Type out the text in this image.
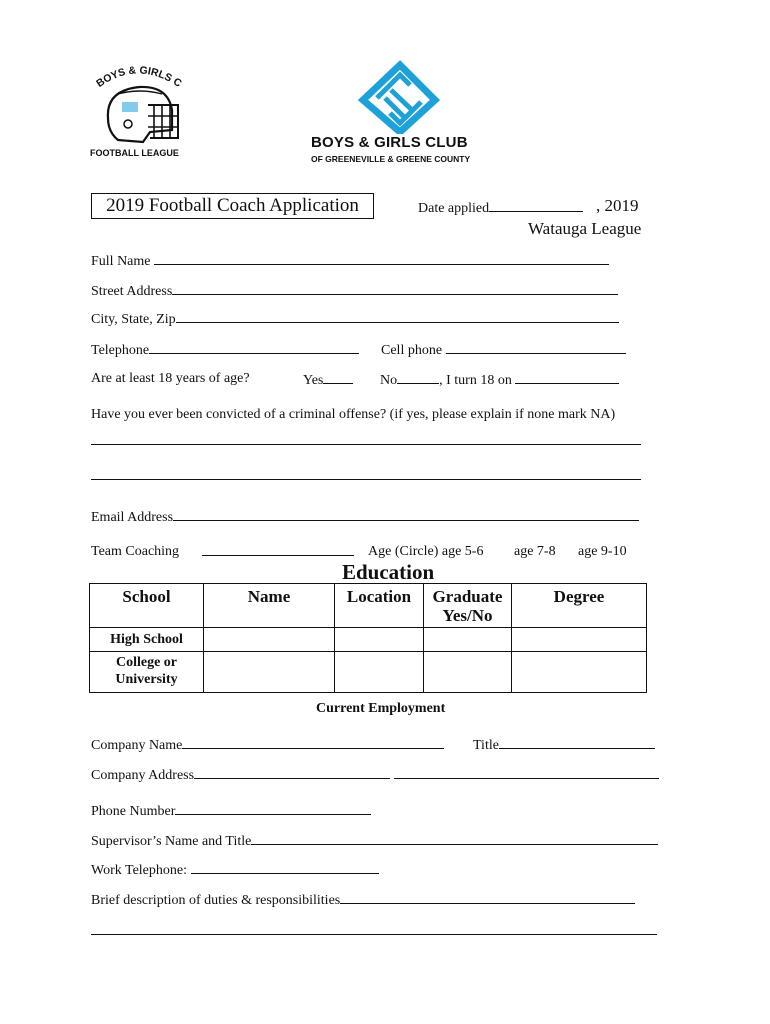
BOYS & GIRLS C
FOOTBALL LEAGUE
BOYS & GIRLS CLUB
OF GREENEVILLE & GREENE COUNTY
2019 Football Coach Application	Date applied	, 2019
Watauga League
Full Name
Street Address
City, State, Zip
Telephone	Cell phone
Are at least 18 years of age?	Yes	No	, I turn 18 on
Have you ever been convicted of a criminal offense? (if yes, please explain if none mark NA)
Email Address
Team Coaching	Age (Circle) age 5-6 age 7-8 age 9-10
Education
School	Name	Location	Graduate Yes/No	Degree
High School				
College or University				
Current Employment
Company Name	Title
Company Address
Phone Number
Supervisor’s Name and Title
Work Telephone:
Brief description of duties & responsibilities
